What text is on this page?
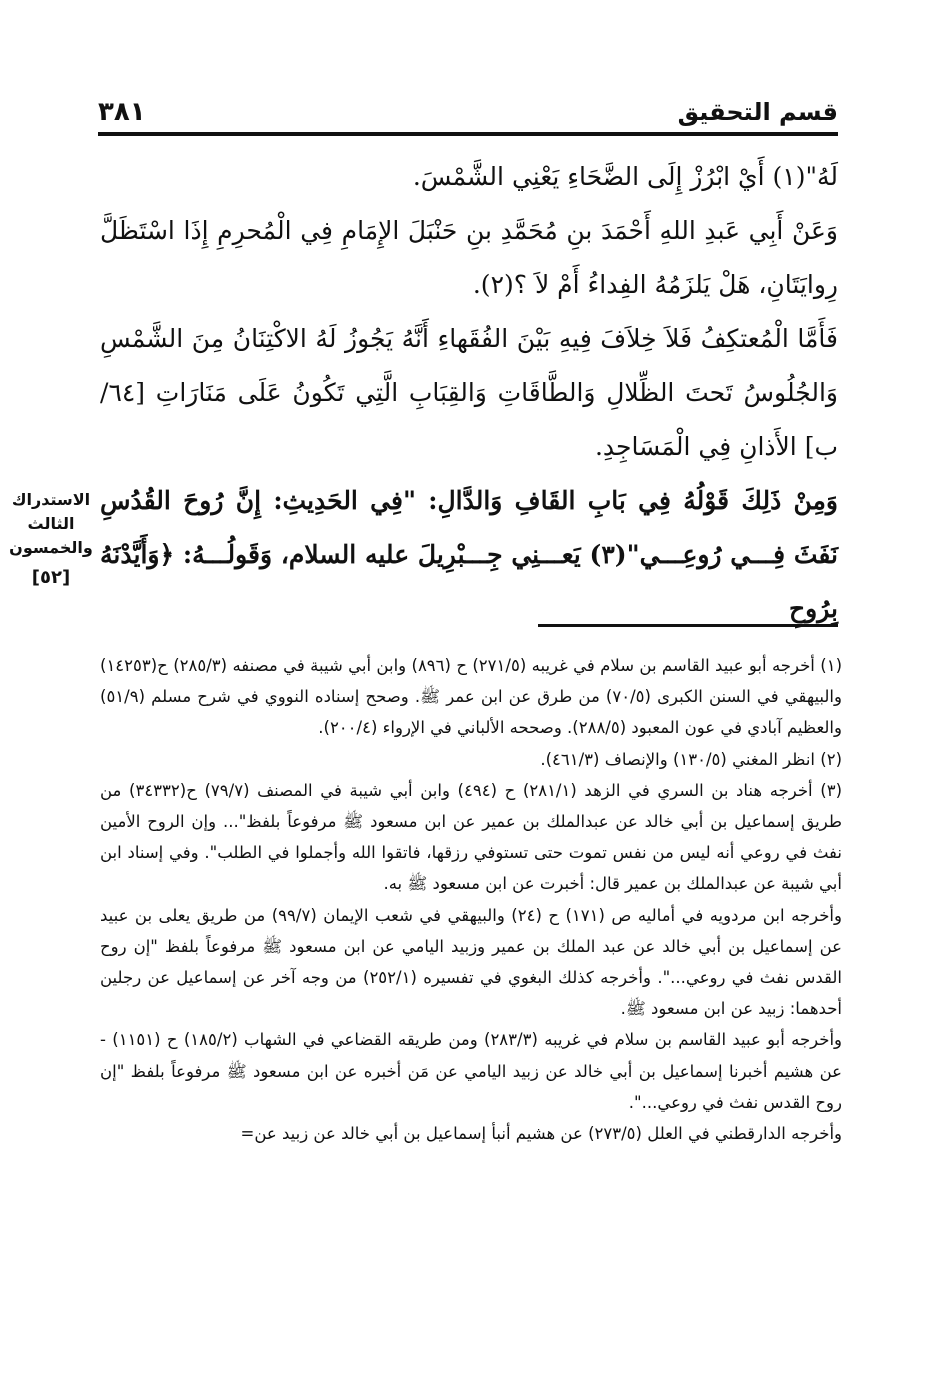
قسم التحقيق
٣٨١

لَهُ"(١) أَيْ ابْرُزْ إِلَى الضَّحَاءِ يَعْنِي الشَّمْسَ.

وَعَنْ أَبِي عَبدِ اللهِ أَحْمَدَ بنِ مُحَمَّدِ بنِ حَنْبَلَ الإِمَامِ فِي الْمُحرِمِ إِذَا اسْتَظَلَّ رِوايَتَانِ، هَلْ يَلزَمُهُ الفِداءُ أَمْ لاَ ؟(٢).

فَأَمَّا الْمُعتكِفُ فَلاَ خِلاَفَ فِيهِ بَيْنَ الفُقَهاءِ أَنَّهُ يَجُوزُ لَهُ الاكْتِنَانُ مِنَ الشَّمْسِ وَالجُلُوسُ تَحتَ الظِّلالِ وَالطَّاقَاتِ وَالقِبَابِ الَّتِي تَكُونُ عَلَى مَنَارَاتِ [٦٤/ب] الأَذانِ فِي الْمَسَاجِدِ.

وَمِنْ ذَلِكَ قَوْلُهُ فِي بَابِ القَافِ وَالدَّالِ: "فِي الحَدِيثِ: إِنَّ رُوحَ القُدُسِ نَفَثَ فِـــي رُوعِـــي"(٣) يَعـــنِي جِـــبْرِيلَ عليه السلام، وَقَولُـــهُ: ﴿وَأَيَّدْنَهُ بِرُوحِ

الاستدراك
الثالث
والخمسون
[٥٢]

(١) أخرجه أبو عبيد القاسم بن سلام في غريبه (٢٧١/٥) ح (٨٩٦) وابن أبي شيبة في مصنفه (٢٨٥/٣) ح(١٤٢٥٣) والبيهقي في السنن الكبرى (٧٠/٥) من طرق عن ابن عمر ﷺ. وصحح إسناده النووي في شرح مسلم (٥١/٩) والعظيم آبادي في عون المعبود (٢٨٨/٥). وصححه الألباني في الإرواء (٢٠٠/٤).

(٢) انظر المغني (١٣٠/٥) والإنصاف (٤٦١/٣).

(٣) أخرجه هناد بن السري في الزهد (٢٨١/١) ح (٤٩٤) وابن أبي شيبة في المصنف (٧٩/٧) ح(٣٤٣٣٢) من طريق إسماعيل بن أبي خالد عن عبدالملك بن عمير عن ابن مسعود ﷺ مرفوعاً بلفظ"... وإن الروح الأمين نفث في روعي أنه ليس من نفس تموت حتى تستوفي رزقها، فاتقوا الله وأجملوا في الطلب". وفي إسناد ابن أبي شيبة عن عبدالملك بن عمير قال: أخبرت عن ابن مسعود ﷺ به.

وأخرجه ابن مردويه في أماليه ص (١٧١) ح (٢٤) والبيهقي في شعب الإيمان (٩٩/٧) من طريق يعلى بن عبيد عن إسماعيل بن أبي خالد عن عبد الملك بن عمير وزبيد اليامي عن ابن مسعود ﷺ مرفوعاً بلفظ "إن روح القدس نفث في روعي...". وأخرجه كذلك البغوي في تفسيره (٢٥٢/١) من وجه آخر عن إسماعيل عن رجلين أحدهما: زبيد عن ابن مسعود ﷺ.

وأخرجه أبو عبيد القاسم بن سلام في غريبه (٢٨٣/٣) ومن طريقه القضاعي في الشهاب (١٨٥/٢) ح (١١٥١) - عن هشيم أخبرنا إسماعيل بن أبي خالد عن زبيد اليامي عن مَن أخبره عن ابن مسعود ﷺ مرفوعاً بلفظ "إن روح القدس نفث في روعي...".

وأخرجه الدارقطني في العلل (٢٧٣/٥) عن هشيم أنبأ إسماعيل بن أبي خالد عن زبيد عن=
